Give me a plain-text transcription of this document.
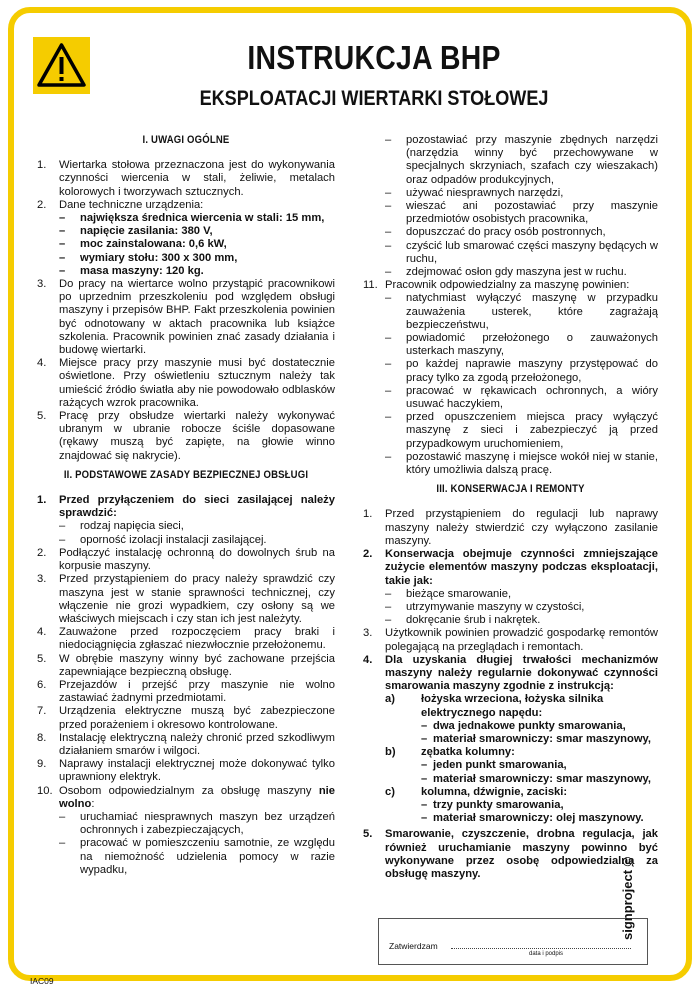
INSTRUKCJA BHP
EKSPLOATACJI WIERTARKI STOŁOWEJ
I. UWAGI OGÓLNE
1. Wiertarka stołowa przeznaczona jest do wykonywania czynności wiercenia w stali, żeliwie, metalach kolorowych i tworzywach sztucznych.
2. Dane techniczne urządzenia:
– największa średnica wiercenia w stali: 15 mm,
– napięcie zasilania: 380 V,
– moc zainstalowana: 0,6 kW,
– wymiary stołu: 300 x 300 mm,
– masa maszyny: 120 kg.
3. Do pracy na wiertarce wolno przystąpić pracownikowi po uprzednim przeszkoleniu pod względem obsługi maszyny i przepisów BHP. Fakt przeszkolenia powinien być odnotowany w aktach pracownika lub książce szkolenia. Pracownik powinien znać zasady działania i budowę wiertarki.
4. Miejsce pracy przy maszynie musi być dostatecznie oświetlone. Przy oświetleniu sztucznym należy tak umieścić źródło światła aby nie powodowało odblasków rażących wzrok pracownika.
5. Pracę przy obsłudze wiertarki należy wykonywać ubranym w ubranie robocze ściśle dopasowane (rękawy muszą być zapięte, na głowie winno znajdować się nakrycie).
II. PODSTAWOWE ZASADY BEZPIECZNEJ OBSŁUGI
1. Przed przyłączeniem do sieci zasilającej należy sprawdzić:
– rodzaj napięcia sieci,
– oporność izolacji instalacji zasilającej.
2. Podłączyć instalację ochronną do dowolnych śrub na korpusie maszyny.
3. Przed przystąpieniem do pracy należy sprawdzić czy maszyna jest w stanie sprawności technicznej, czy włączenie nie grozi wypadkiem, czy osłony są we właściwych miejscach i czy stan ich jest należyty.
4. Zauważone przed rozpoczęciem pracy braki i niedociągnięcia zgłaszać niezwłocznie przełożonemu.
5. W obrębie maszyny winny być zachowane przejścia zapewniające bezpieczną obsługę.
6. Przejazdów i przejść przy maszynie nie wolno zastawiać żadnymi przedmiotami.
7. Urządzenia elektryczne muszą być zabezpieczone przed porażeniem i okresowo kontrolowane.
8. Instalację elektryczną należy chronić przed szkodliwym działaniem smarów i wilgoci.
9. Naprawy instalacji elektrycznej może dokonywać tylko uprawniony elektryk.
10. Osobom odpowiedzialnym za obsługę maszyny nie wolno:
– uruchamiać niesprawnych maszyn bez urządzeń ochronnych i zabezpieczających,
– pracować w pomieszczeniu samotnie, ze względu na niemożność udzielenia pomocy w razie wypadku,
– pozostawiać przy maszynie zbędnych narzędzi (narzędzia winny być przechowywane w specjalnych skrzyniach, szafach czy wieszakach) oraz odpadów produkcyjnych,
– używać niesprawnych narzędzi,
– wieszać ani pozostawiać przy maszynie przedmiotów osobistych pracownika,
– dopuszczać do pracy osób postronnych,
– czyścić lub smarować części maszyny będących w ruchu,
– zdejmować osłon gdy maszyna jest w ruchu.
11. Pracownik odpowiedzialny za maszynę powinien:
– natychmiast wyłączyć maszynę w przypadku zauważenia usterek, które zagrażają bezpieczeństwu,
– powiadomić przełożonego o zauważonych usterkach maszyny,
– po każdej naprawie maszyny przystępować do pracy tylko za zgodą przełożonego,
– pracować w rękawicach ochronnych, a wióry usuwać haczykiem,
– przed opuszczeniem miejsca pracy wyłączyć maszynę z sieci i zabezpieczyć ją przed przypadkowym uruchomieniem,
– pozostawić maszynę i miejsce wokół niej w stanie, który umożliwia dalszą pracę.
III. KONSERWACJA I REMONTY
1. Przed przystąpieniem do regulacji lub naprawy maszyny należy stwierdzić czy wyłączono zasilanie maszyny.
2. Konserwacja obejmuje czynności zmniejszające zużycie elementów maszyny podczas eksploatacji, takie jak:
– bieżące smarowanie,
– utrzymywanie maszyny w czystości,
– dokręcanie śrub i nakrętek.
3. Użytkownik powinien prowadzić gospodarkę remontów polegającą na przeglądach i remontach.
4. Dla uzyskania długiej trwałości mechanizmów maszyny należy regularnie dokonywać czynności smarowania maszyny zgodnie z instrukcją:
a) łożyska wrzeciona, łożyska silnika elektrycznego napędu:
– dwa jednakowe punkty smarowania,
– materiał smarowniczy: smar maszynowy,
b) zębatka kolumny:
– jeden punkt smarowania,
– materiał smarowniczy: smar maszynowy,
c) kolumna, dźwignie, zaciski:
– trzy punkty smarowania,
– materiał smarowniczy: olej maszynowy.
5. Smarowanie, czyszczenie, drobna regulacja, jak również uruchamianie maszyny powinno być wykonywane przez osobę odpowiedzialną za obsługę maszyny.
Zatwierdzam
data i podpis
signproject ©
IAC09
